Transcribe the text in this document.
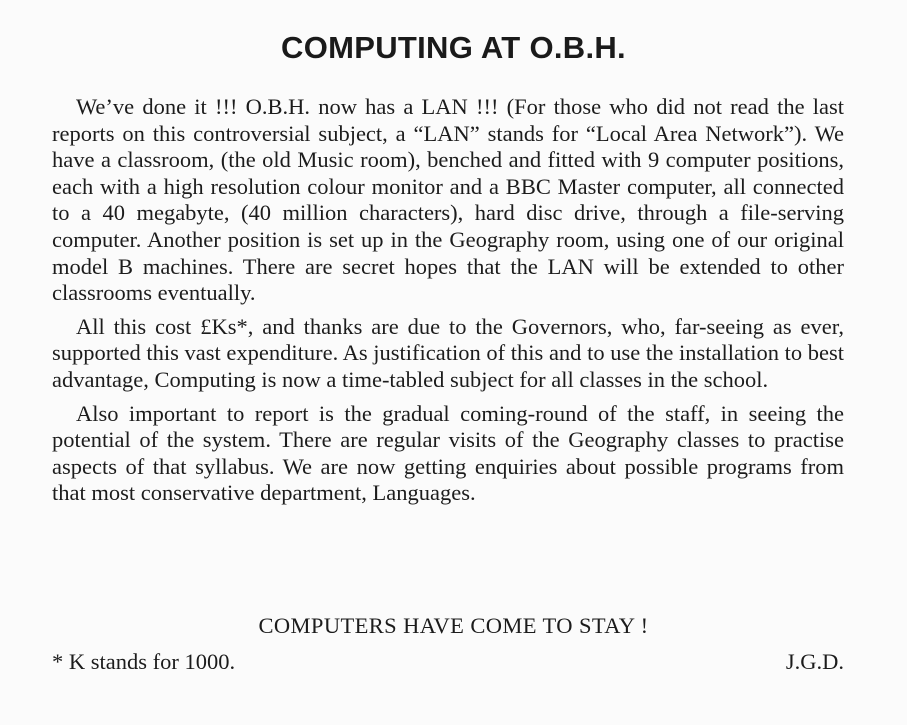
COMPUTING AT O.B.H.

We’ve done it !!! O.B.H. now has a LAN !!! (For those who did not read the last reports on this controversial subject, a “LAN” stands for “Local Area Network”). We have a classroom, (the old Music room), benched and fitted with 9 computer positions, each with a high resolution colour monitor and a BBC Master computer, all connected to a 40 megabyte, (40 million characters), hard disc drive, through a file-serving computer. Another position is set up in the Geography room, using one of our original model B machines. There are secret hopes that the LAN will be extended to other classrooms eventually.

All this cost £Ks*, and thanks are due to the Governors, who, far-seeing as ever, supported this vast expenditure. As justification of this and to use the installation to best advantage, Computing is now a time-tabled subject for all classes in the school.

Also important to report is the gradual coming-round of the staff, in seeing the potential of the system. There are regular visits of the Geography classes to practise aspects of that syllabus. We are now getting enquiries about possible programs from that most conservative department, Languages.

COMPUTERS HAVE COME TO STAY !
* K stands for 1000.	J.G.D.
